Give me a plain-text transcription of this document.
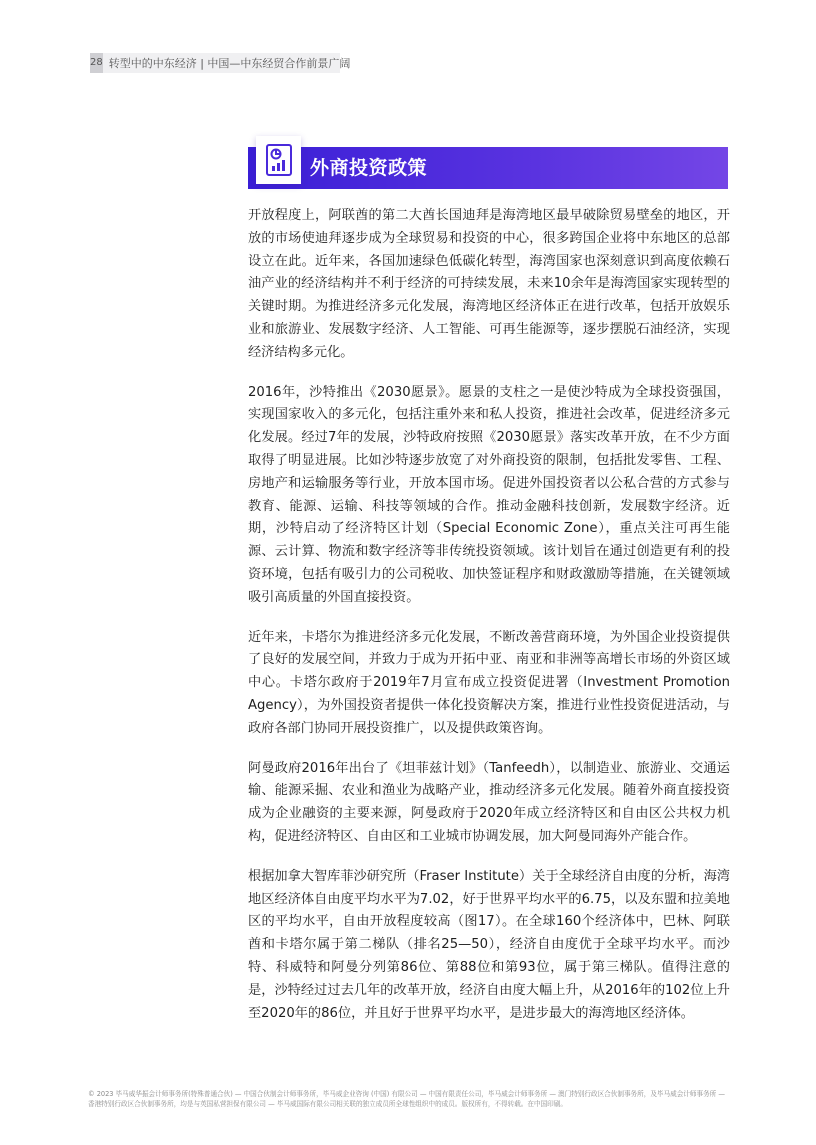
28 转型中的中东经济 | 中国—中东经贸合作前景广阔
外商投资政策

开放程度上，阿联酋的第二大酋长国迪拜是海湾地区最早破除贸易壁垒的地区，开放的市场使迪拜逐步成为全球贸易和投资的中心，很多跨国企业将中东地区的总部设立在此。近年来，各国加速绿色低碳化转型，海湾国家也深刻意识到高度依赖石油产业的经济结构并不利于经济的可持续发展，未来10余年是海湾国家实现转型的关键时期。为推进经济多元化发展，海湾地区经济体正在进行改革，包括开放娱乐业和旅游业、发展数字经济、人工智能、可再生能源等，逐步摆脱石油经济，实现经济结构多元化。

2016年，沙特推出《2030愿景》。愿景的支柱之一是使沙特成为全球投资强国，实现国家收入的多元化，包括注重外来和私人投资，推进社会改革，促进经济多元化发展。经过7年的发展，沙特政府按照《2030愿景》落实改革开放，在不少方面取得了明显进展。比如沙特逐步放宽了对外商投资的限制，包括批发零售、工程、房地产和运输服务等行业，开放本国市场。促进外国投资者以公私合营的方式参与教育、能源、运输、科技等领域的合作。推动金融科技创新，发展数字经济。近期，沙特启动了经济特区计划（Special Economic Zone），重点关注可再生能源、云计算、物流和数字经济等非传统投资领域。该计划旨在通过创造更有利的投资环境，包括有吸引力的公司税收、加快签证程序和财政激励等措施，在关键领域吸引高质量的外国直接投资。

近年来，卡塔尔为推进经济多元化发展，不断改善营商环境，为外国企业投资提供了良好的发展空间，并致力于成为开拓中亚、南亚和非洲等高增长市场的外资区域中心。卡塔尔政府于2019年7月宣布成立投资促进署（Investment Promotion Agency），为外国投资者提供一体化投资解决方案，推进行业性投资促进活动，与政府各部门协同开展投资推广，以及提供政策咨询。

阿曼政府2016年出台了《坦菲兹计划》（Tanfeedh），以制造业、旅游业、交通运输、能源采掘、农业和渔业为战略产业，推动经济多元化发展。随着外商直接投资成为企业融资的主要来源，阿曼政府于2020年成立经济特区和自由区公共权力机构，促进经济特区、自由区和工业城市协调发展，加大阿曼同海外产能合作。

根据加拿大智库菲沙研究所（Fraser Institute）关于全球经济自由度的分析，海湾地区经济体自由度平均水平为7.02，好于世界平均水平的6.75，以及东盟和拉美地区的平均水平，自由开放程度较高（图17）。在全球160个经济体中，巴林、阿联酋和卡塔尔属于第二梯队（排名25—50），经济自由度优于全球平均水平。而沙特、科威特和阿曼分列第86位、第88位和第93位，属于第三梯队。值得注意的是，沙特经过过去几年的改革开放，经济自由度大幅上升，从2016年的102位上升至2020年的86位，并且好于世界平均水平，是进步最大的海湾地区经济体。

© 2023 毕马威华振会计师事务所(特殊普通合伙) — 中国合伙制会计师事务所，毕马威企业咨询 (中国) 有限公司 — 中国有限责任公司，毕马威会计师事务所 — 澳门特别行政区合伙制事务所，及毕马威会计师事务所 — 香港特别行政区合伙制事务所，均是与英国私营担保有限公司 — 毕马威国际有限公司相关联的独立成员所全球性组织中的成员。版权所有，不得转载。在中国印刷。
